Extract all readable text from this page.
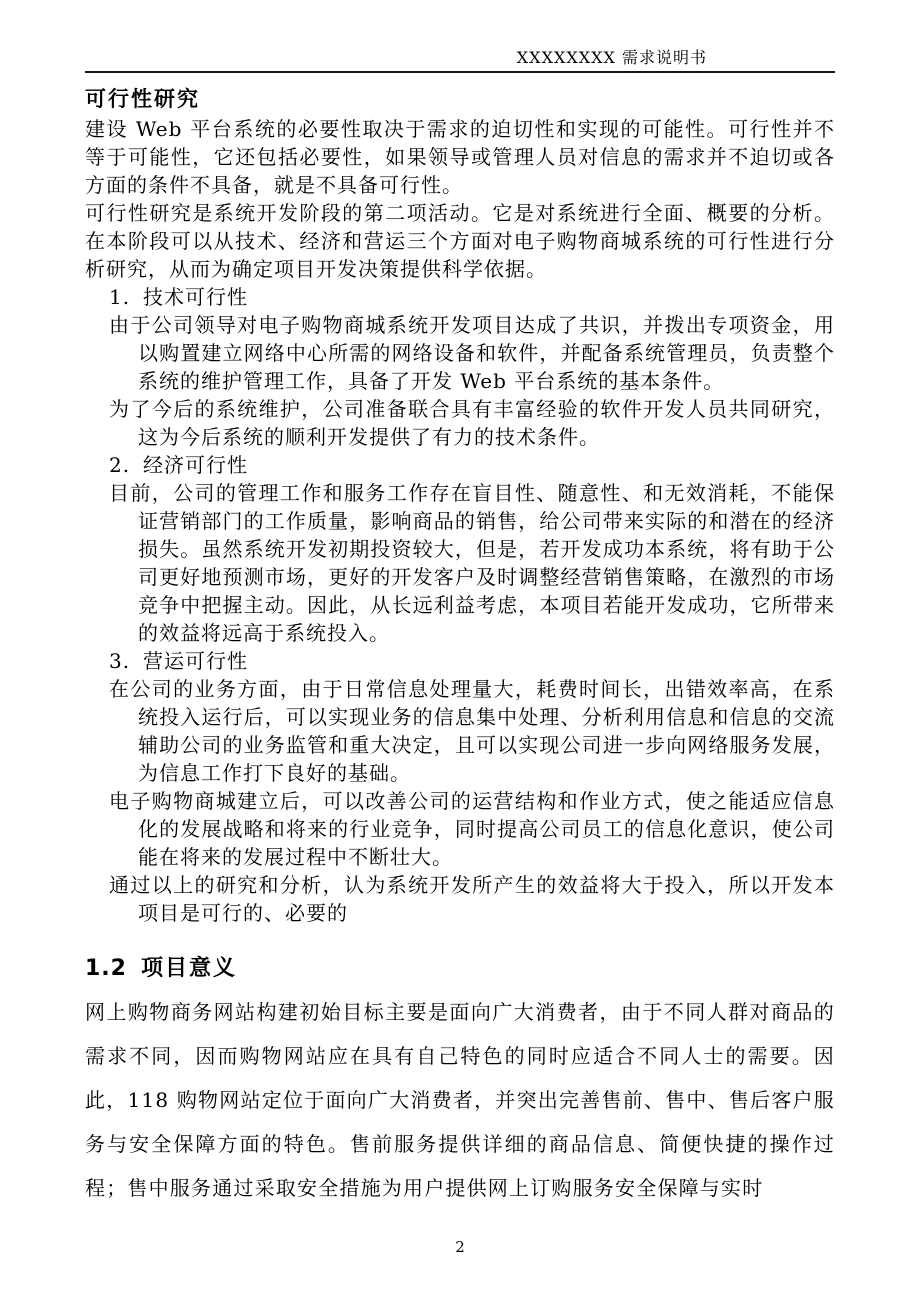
XXXXXXXX 需求说明书
可行性研究

建设 Web 平台系统的必要性取决于需求的迫切性和实现的可能性。可行性并不等于可能性，它还包括必要性，如果领导或管理人员对信息的需求并不迫切或各方面的条件不具备，就是不具备可行性。

可行性研究是系统开发阶段的第二项活动。它是对系统进行全面、概要的分析。在本阶段可以从技术、经济和营运三个方面对电子购物商城系统的可行性进行分析研究，从而为确定项目开发决策提供科学依据。

1. 技术可行性

由于公司领导对电子购物商城系统开发项目达成了共识，并拨出专项资金，用以购置建立网络中心所需的网络设备和软件，并配备系统管理员，负责整个系统的维护管理工作，具备了开发 Web 平台系统的基本条件。

为了今后的系统维护，公司准备联合具有丰富经验的软件开发人员共同研究，这为今后系统的顺利开发提供了有力的技术条件。

2. 经济可行性

目前，公司的管理工作和服务工作存在盲目性、随意性、和无效消耗，不能保证营销部门的工作质量，影响商品的销售，给公司带来实际的和潜在的经济损失。虽然系统开发初期投资较大，但是，若开发成功本系统，将有助于公司更好地预测市场，更好的开发客户及时调整经营销售策略，在激烈的市场竞争中把握主动。因此，从长远利益考虑，本项目若能开发成功，它所带来的效益将远高于系统投入。

3. 营运可行性

在公司的业务方面，由于日常信息处理量大，耗费时间长，出错效率高，在系统投入运行后，可以实现业务的信息集中处理、分析利用信息和信息的交流辅助公司的业务监管和重大决定，且可以实现公司进一步向网络服务发展，为信息工作打下良好的基础。

电子购物商城建立后，可以改善公司的运营结构和作业方式，使之能适应信息化的发展战略和将来的行业竞争，同时提高公司员工的信息化意识，使公司能在将来的发展过程中不断壮大。

通过以上的研究和分析，认为系统开发所产生的效益将大于投入，所以开发本项目是可行的、必要的

1.2 项目意义

网上购物商务网站构建初始目标主要是面向广大消费者，由于不同人群对商品的需求不同，因而购物网站应在具有自己特色的同时应适合不同人士的需要。因此，118 购物网站定位于面向广大消费者，并突出完善售前、售中、售后客户服务与安全保障方面的特色。售前服务提供详细的商品信息、简便快捷的操作过程；售中服务通过采取安全措施为用户提供网上订购服务安全保障与实时

2
